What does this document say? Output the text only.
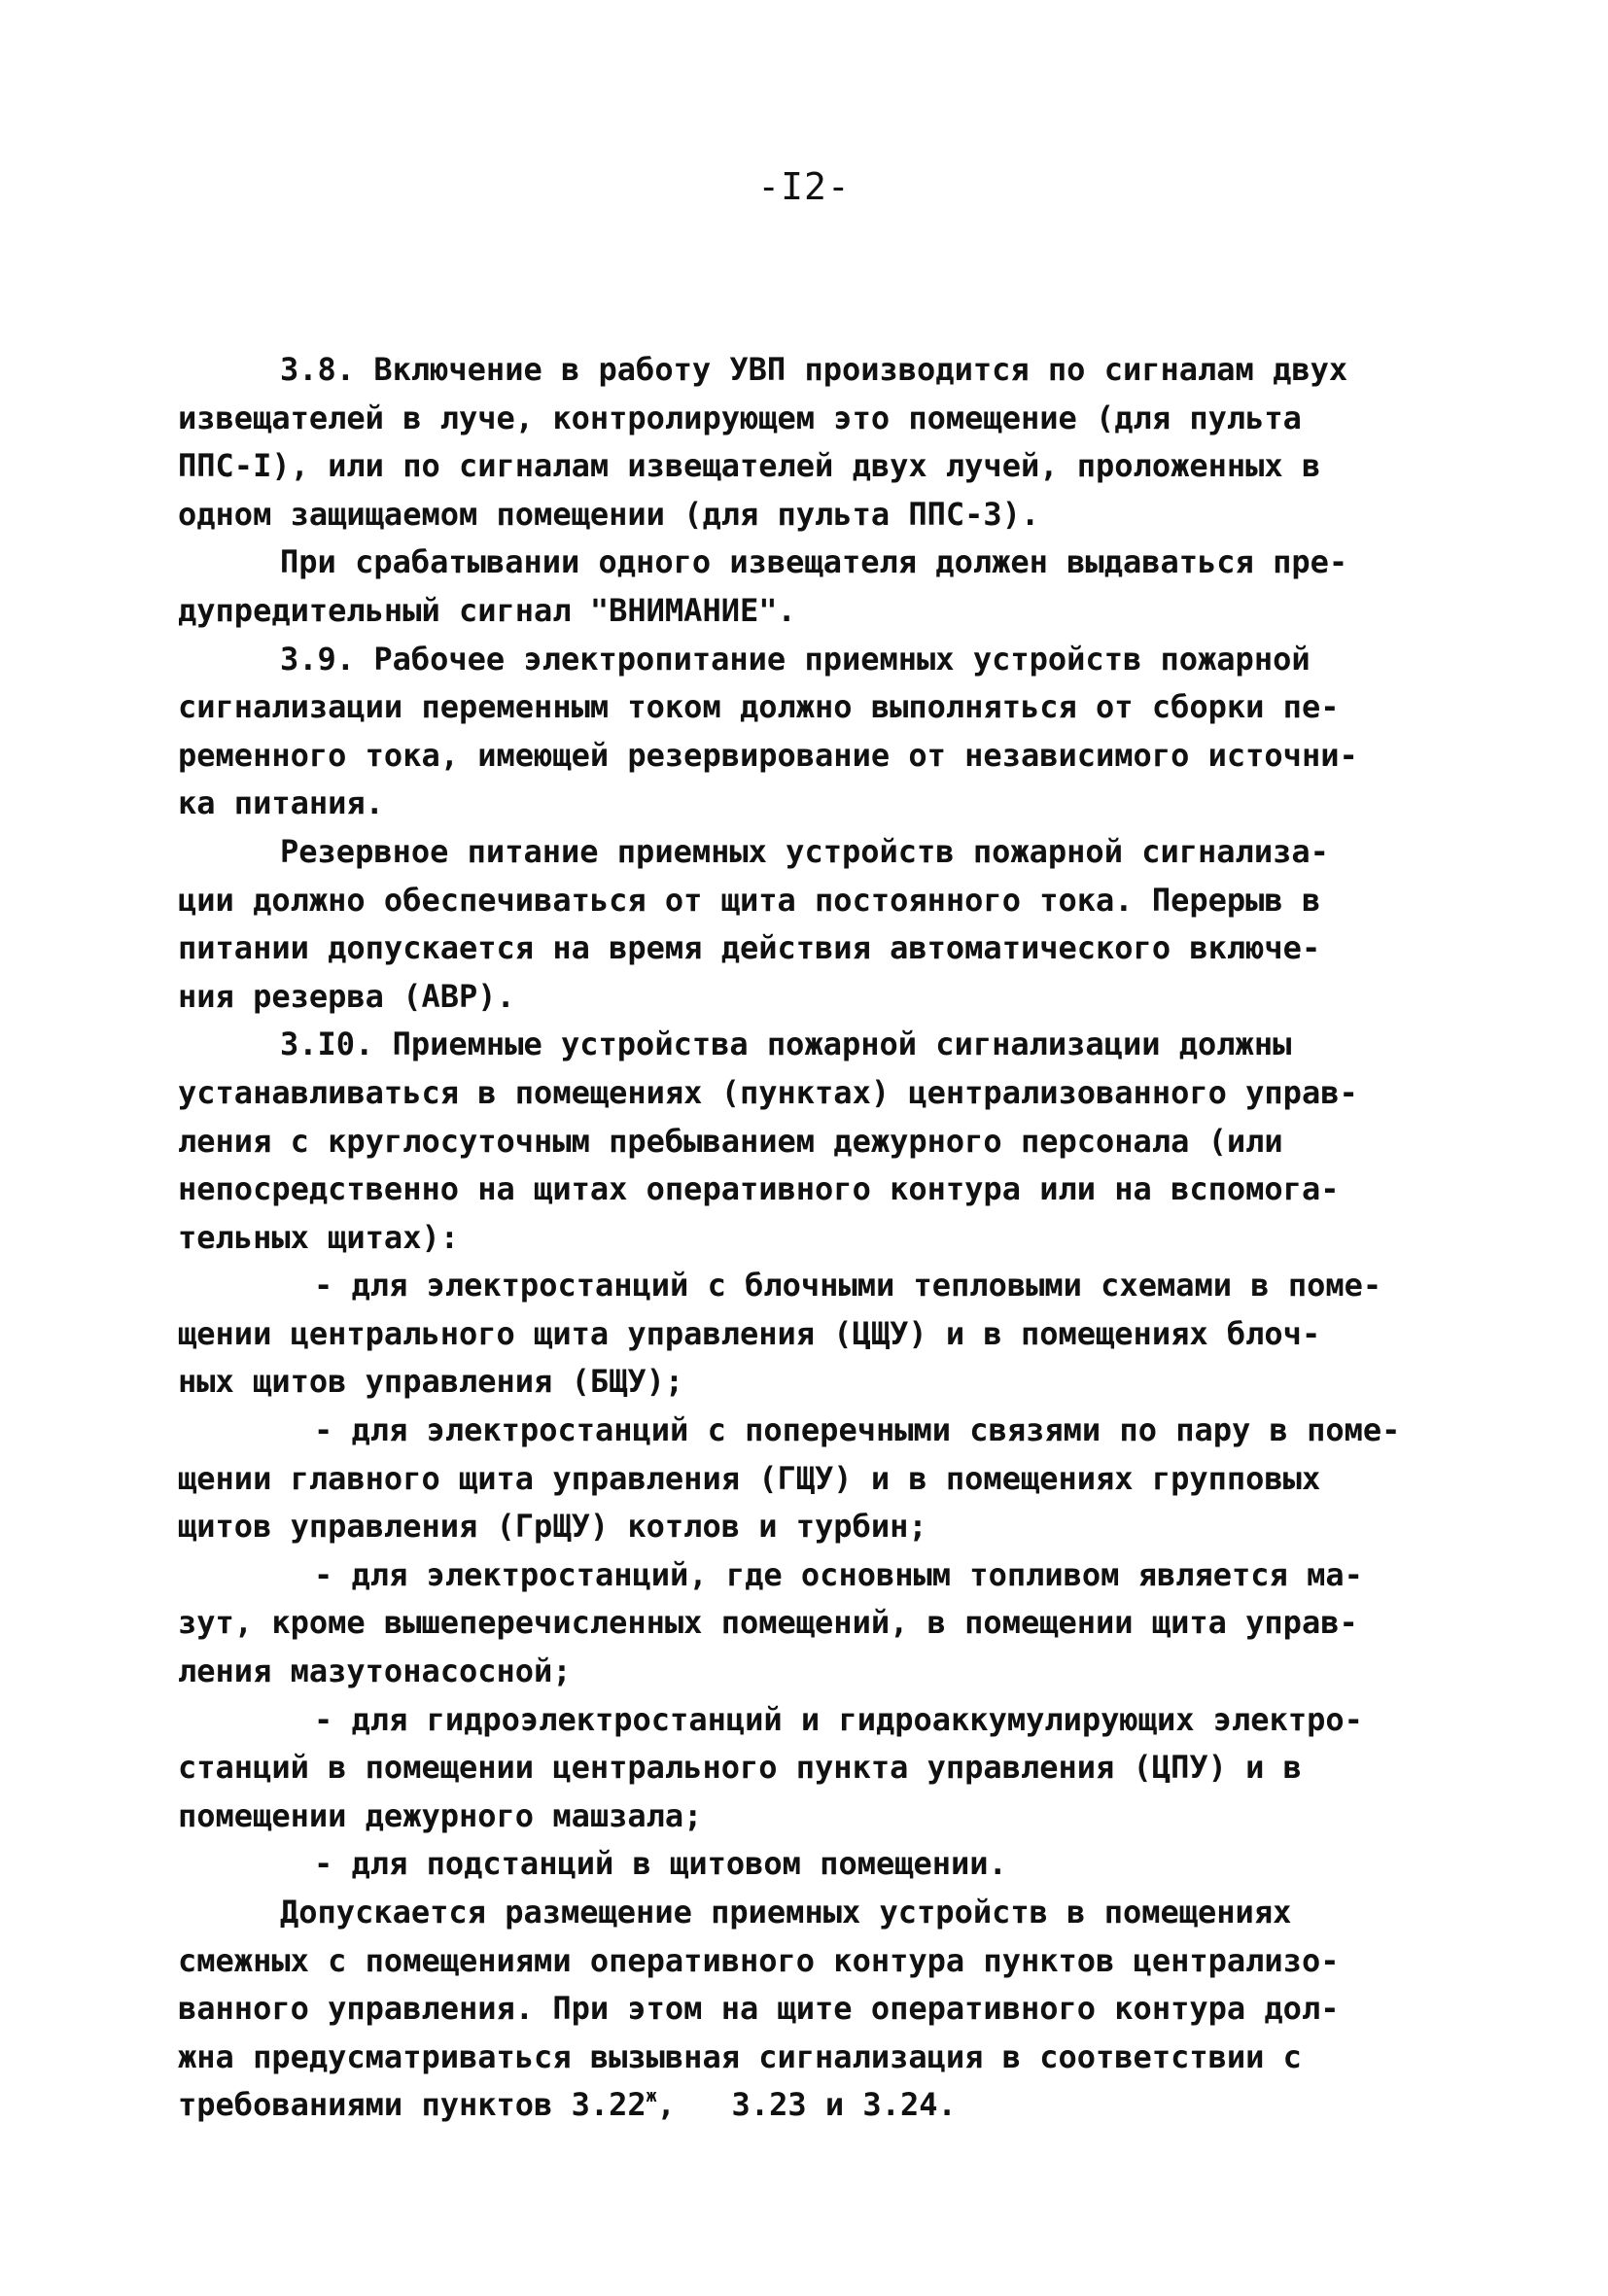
-I2-
3.8. Включение в работу УВП производится по сигналам двух
извещателей в луче, контролирующем это помещение (для пульта
ППС-I), или по сигналам извещателей двух лучей, проложенных в
одном защищаемом помещении (для пульта ППС-3).
При срабатывании одного извещателя должен выдаваться пре-
дупредительный сигнал "ВНИМАНИЕ".
3.9. Рабочее электропитание приемных устройств пожарной
сигнализации переменным током должно выполняться от сборки пе-
ременного тока, имеющей резервирование от независимого источни-
ка питания.
Резервное питание приемных устройств пожарной сигнализа-
ции должно обеспечиваться от щита постоянного тока. Перерыв в
питании допускается на время действия автоматического включе-
ния резерва (АВР).
3.I0. Приемные устройства пожарной сигнализации должны
устанавливаться в помещениях (пунктах) централизованного управ-
ления с круглосуточным пребыванием дежурного персонала (или
непосредственно на щитах оперативного контура или на вспомога-
тельных щитах):
- для электростанций с блочными тепловыми схемами в поме-
щении центрального щита управления (ЦЩУ) и в помещениях блоч-
ных щитов управления (БЩУ);
- для электростанций с поперечными связями по пару в поме-
щении главного щита управления (ГЩУ) и в помещениях групповых
щитов управления (ГрЩУ) котлов и турбин;
- для электростанций, где основным топливом является ма-
зут, кроме вышеперечисленных помещений, в помещении щита управ-
ления мазутонасосной;
- для гидроэлектростанций и гидроаккумулирующих электро-
станций в помещении центрального пункта управления (ЦПУ) и в
помещении дежурного машзала;
- для подстанций в щитовом помещении.
Допускается размещение приемных устройств в помещениях
смежных с помещениями оперативного контура пунктов централизо-
ванного управления. При этом на щите оперативного контура дол-
жна предусматриваться вызывная сигнализация в соответствии с
требованиями пунктов $3.22^ж$,   3.23 и 3.24.
